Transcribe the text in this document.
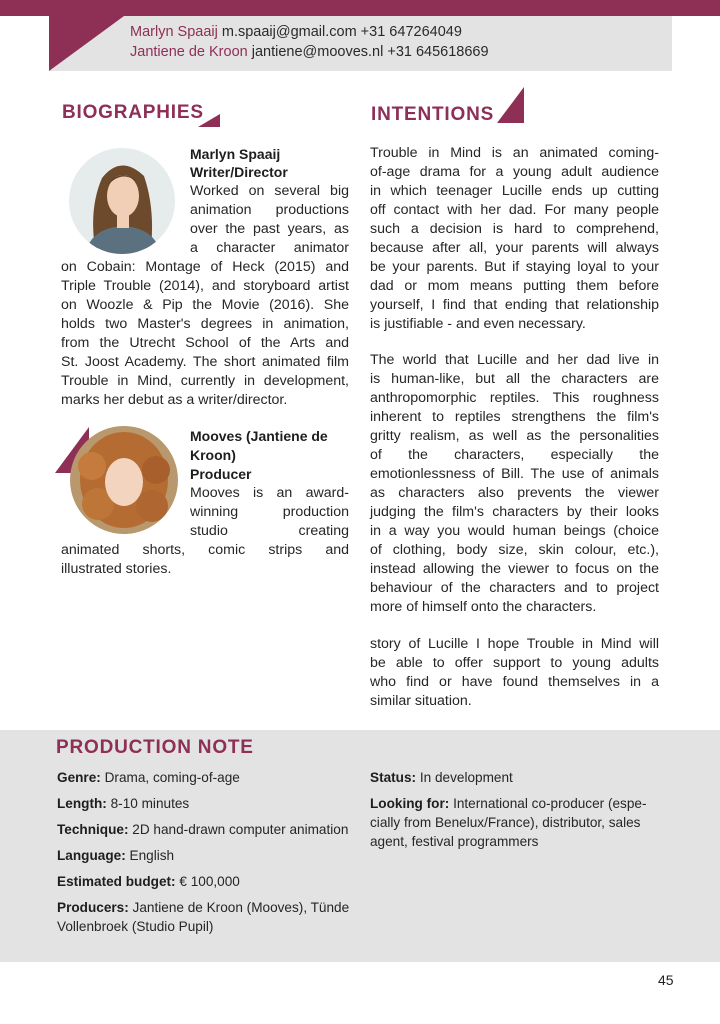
Marlyn Spaaij m.spaaij@gmail.com +31 647264049
Jantiene de Kroon jantiene@mooves.nl +31 645618669
BIOGRAPHIES	INTENTIONS
Marlyn Spaaij
Writer/Director
Worked on several big
animation productions
over the past years, as
a character animator
on Cobain: Montage of Heck (2015) and
Triple Trouble (2014), and storyboard artist
on Woozle & Pip the Movie (2016). She
holds two Master's degrees in animation,
from the Utrecht School of the Arts and
St. Joost Academy. The short animated film
Trouble in Mind, currently in development,
marks her debut as a writer/director.
Mooves (Jantiene de
Kroon)
Producer
Mooves is an award-
winning production
studio creating
animated shorts, comic strips and
illustrated stories.
Trouble in Mind is an animated coming-
of-age drama for a young adult audience
in which teenager Lucille ends up cutting
off contact with her dad. For many people
such a decision is hard to comprehend,
because after all, your parents will always
be your parents. But if staying loyal to your
dad or mom means putting them before
yourself, I find that ending that relationship
is justifiable - and even necessary.
The world that Lucille and her dad live in
is human-like, but all the characters are
anthropomorphic reptiles. This roughness
inherent to reptiles strengthens the film's
gritty realism, as well as the personalities
of the characters, especially the
emotionlessness of Bill. The use of animals
as characters also prevents the viewer
judging the film's characters by their looks
in a way you would human beings (choice
of clothing, body size, skin colour, etc.),
instead allowing the viewer to focus on the
behaviour of the characters and to project
more of himself onto the characters.
story of Lucille I hope Trouble in Mind will
be able to offer support to young adults
who find or have found themselves in a
similar situation.
PRODUCTION NOTE
Genre: Drama, coming-of-age
Length: 8-10 minutes
Technique: 2D hand-drawn computer animation
Language: English
Estimated budget: € 100,000
Producers: Jantiene de Kroon (Mooves), Tünde
Vollenbroek (Studio Pupil)
Status: In development
Looking for: International co-producer (espe-
cially from Benelux/France), distributor, sales
agent, festival programmers
45
